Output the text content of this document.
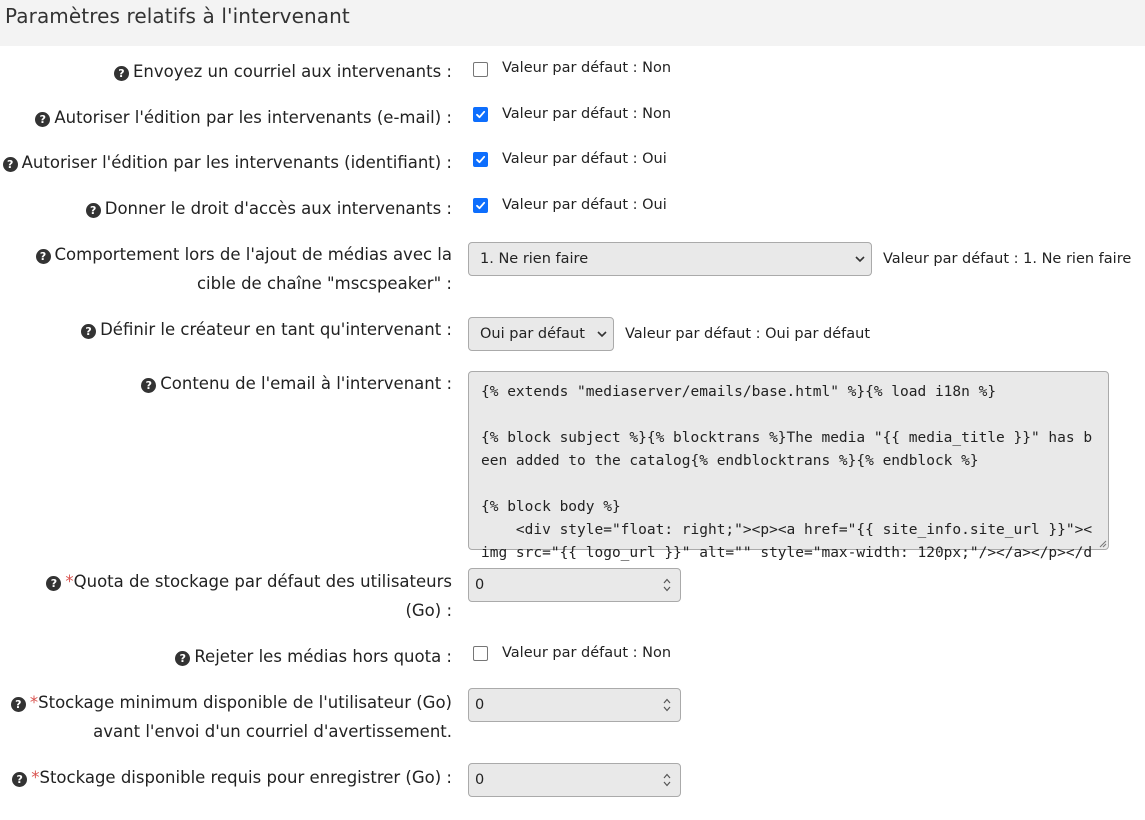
Paramètres relatifs à l'intervenant
? Envoyez un courriel aux intervenants :	Valeur par défaut : Non
? Autoriser l'édition par les intervenants (e-mail) :	Valeur par défaut : Non
? Autoriser l'édition par les intervenants (identifiant) :	Valeur par défaut : Oui
? Donner le droit d'accès aux intervenants :	Valeur par défaut : Oui
? Comportement lors de l'ajout de médias avec la
cible de chaîne "mscspeaker" :
1. Ne rien faire	Valeur par défaut : 1. Ne rien faire
? Définir le créateur en tant qu'intervenant :	Oui par défaut	Valeur par défaut : Oui par défaut
? Contenu de l'email à l'intervenant : {% extends "mediaserver/emails/base.html" %}{% load i18n %}

{% block subject %}{% blocktrans %}The media "{{ media_title }}" has been added to the catalog{% endblocktrans %}{% endblock %}

{% block body %}
<div style="float: right;"><p><a href="{{ site_info.site_url }}"><img src="{{ logo_url }}" alt="" style="max-width: 120px;"/></a></p></d
? *Quota de stockage par défaut des utilisateurs
(Go) :
0
? Rejeter les médias hors quota :	Valeur par défaut : Non
? *Stockage minimum disponible de l'utilisateur (Go)
avant l'envoi d'un courriel d'avertissement.
0
? *Stockage disponible requis pour enregistrer (Go) :	0
